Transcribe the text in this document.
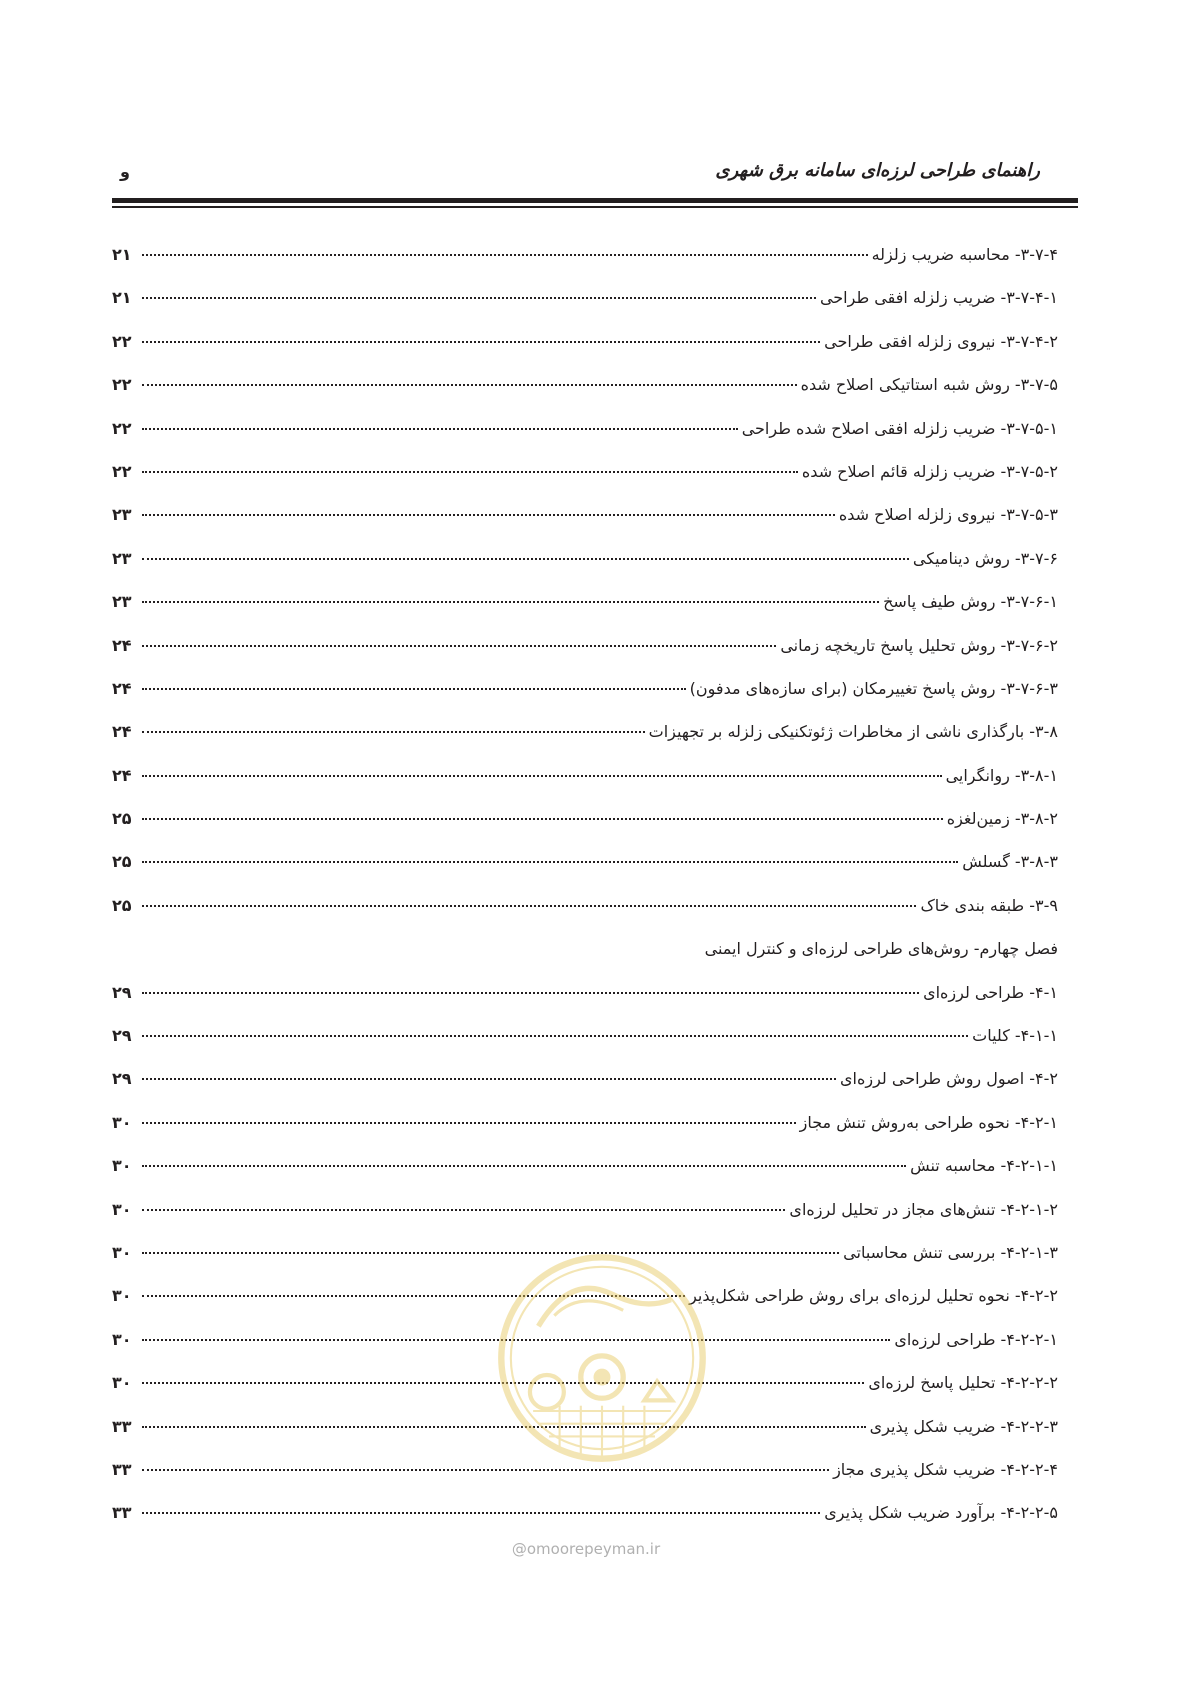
راهنمای طراحی لرزه‌ای سامانه برق شهری
و
۳-۷-۴- محاسبه ضریب زلزله
۲۱
۳-۷-۴-۱- ضریب زلزله افقی طراحی
۲۱
۳-۷-۴-۲- نیروی زلزله افقی طراحی
۲۲
۳-۷-۵- روش شبه استاتیکی اصلاح شده
۲۲
۳-۷-۵-۱- ضریب زلزله افقی اصلاح شده طراحی
۲۲
۳-۷-۵-۲- ضریب زلزله قائم اصلاح شده
۲۲
۳-۷-۵-۳- نیروی زلزله اصلاح شده
۲۳
۳-۷-۶- روش دینامیکی
۲۳
۳-۷-۶-۱- روش طیف پاسخ
۲۳
۳-۷-۶-۲- روش تحلیل پاسخ تاریخچه زمانی
۲۴
۳-۷-۶-۳- روش پاسخ تغییرمکان (برای سازه‌های مدفون)
۲۴
۳-۸- بارگذاری ناشی از مخاطرات ژئوتکنیکی زلزله بر تجهیزات
۲۴
۳-۸-۱- روانگرایی
۲۴
۳-۸-۲- زمین‌لغزه
۲۵
۳-۸-۳- گسلش
۲۵
۳-۹- طبقه بندی خاک
۲۵
فصل چهارم- روش‌های طراحی لرزه‌ای و کنترل ایمنی
۴-۱- طراحی لرزه‌ای
۲۹
۴-۱-۱- کلیات
۲۹
۴-۲- اصول روش طراحی لرزه‌ای
۲۹
۴-۲-۱- نحوه طراحی به‌روش تنش مجاز
۳۰
۴-۲-۱-۱- محاسبه تنش
۳۰
۴-۲-۱-۲- تنش‌های مجاز در تحلیل لرزه‌ای
۳۰
۴-۲-۱-۳- بررسی تنش محاسباتی
۳۰
۴-۲-۲- نحوه تحلیل لرزه‌ای برای روش طراحی شکل‌پذیر
۳۰
۴-۲-۲-۱- طراحی لرزه‌ای
۳۰
۴-۲-۲-۲- تحلیل پاسخ لرزه‌ای
۳۰
۴-۲-۲-۳- ضریب شکل پذیری
۳۳
۴-۲-۲-۴- ضریب شکل پذیری مجاز
۳۳
۴-۲-۲-۵- برآورد ضریب شکل پذیری
۳۳
@omoorepeyman.ir
